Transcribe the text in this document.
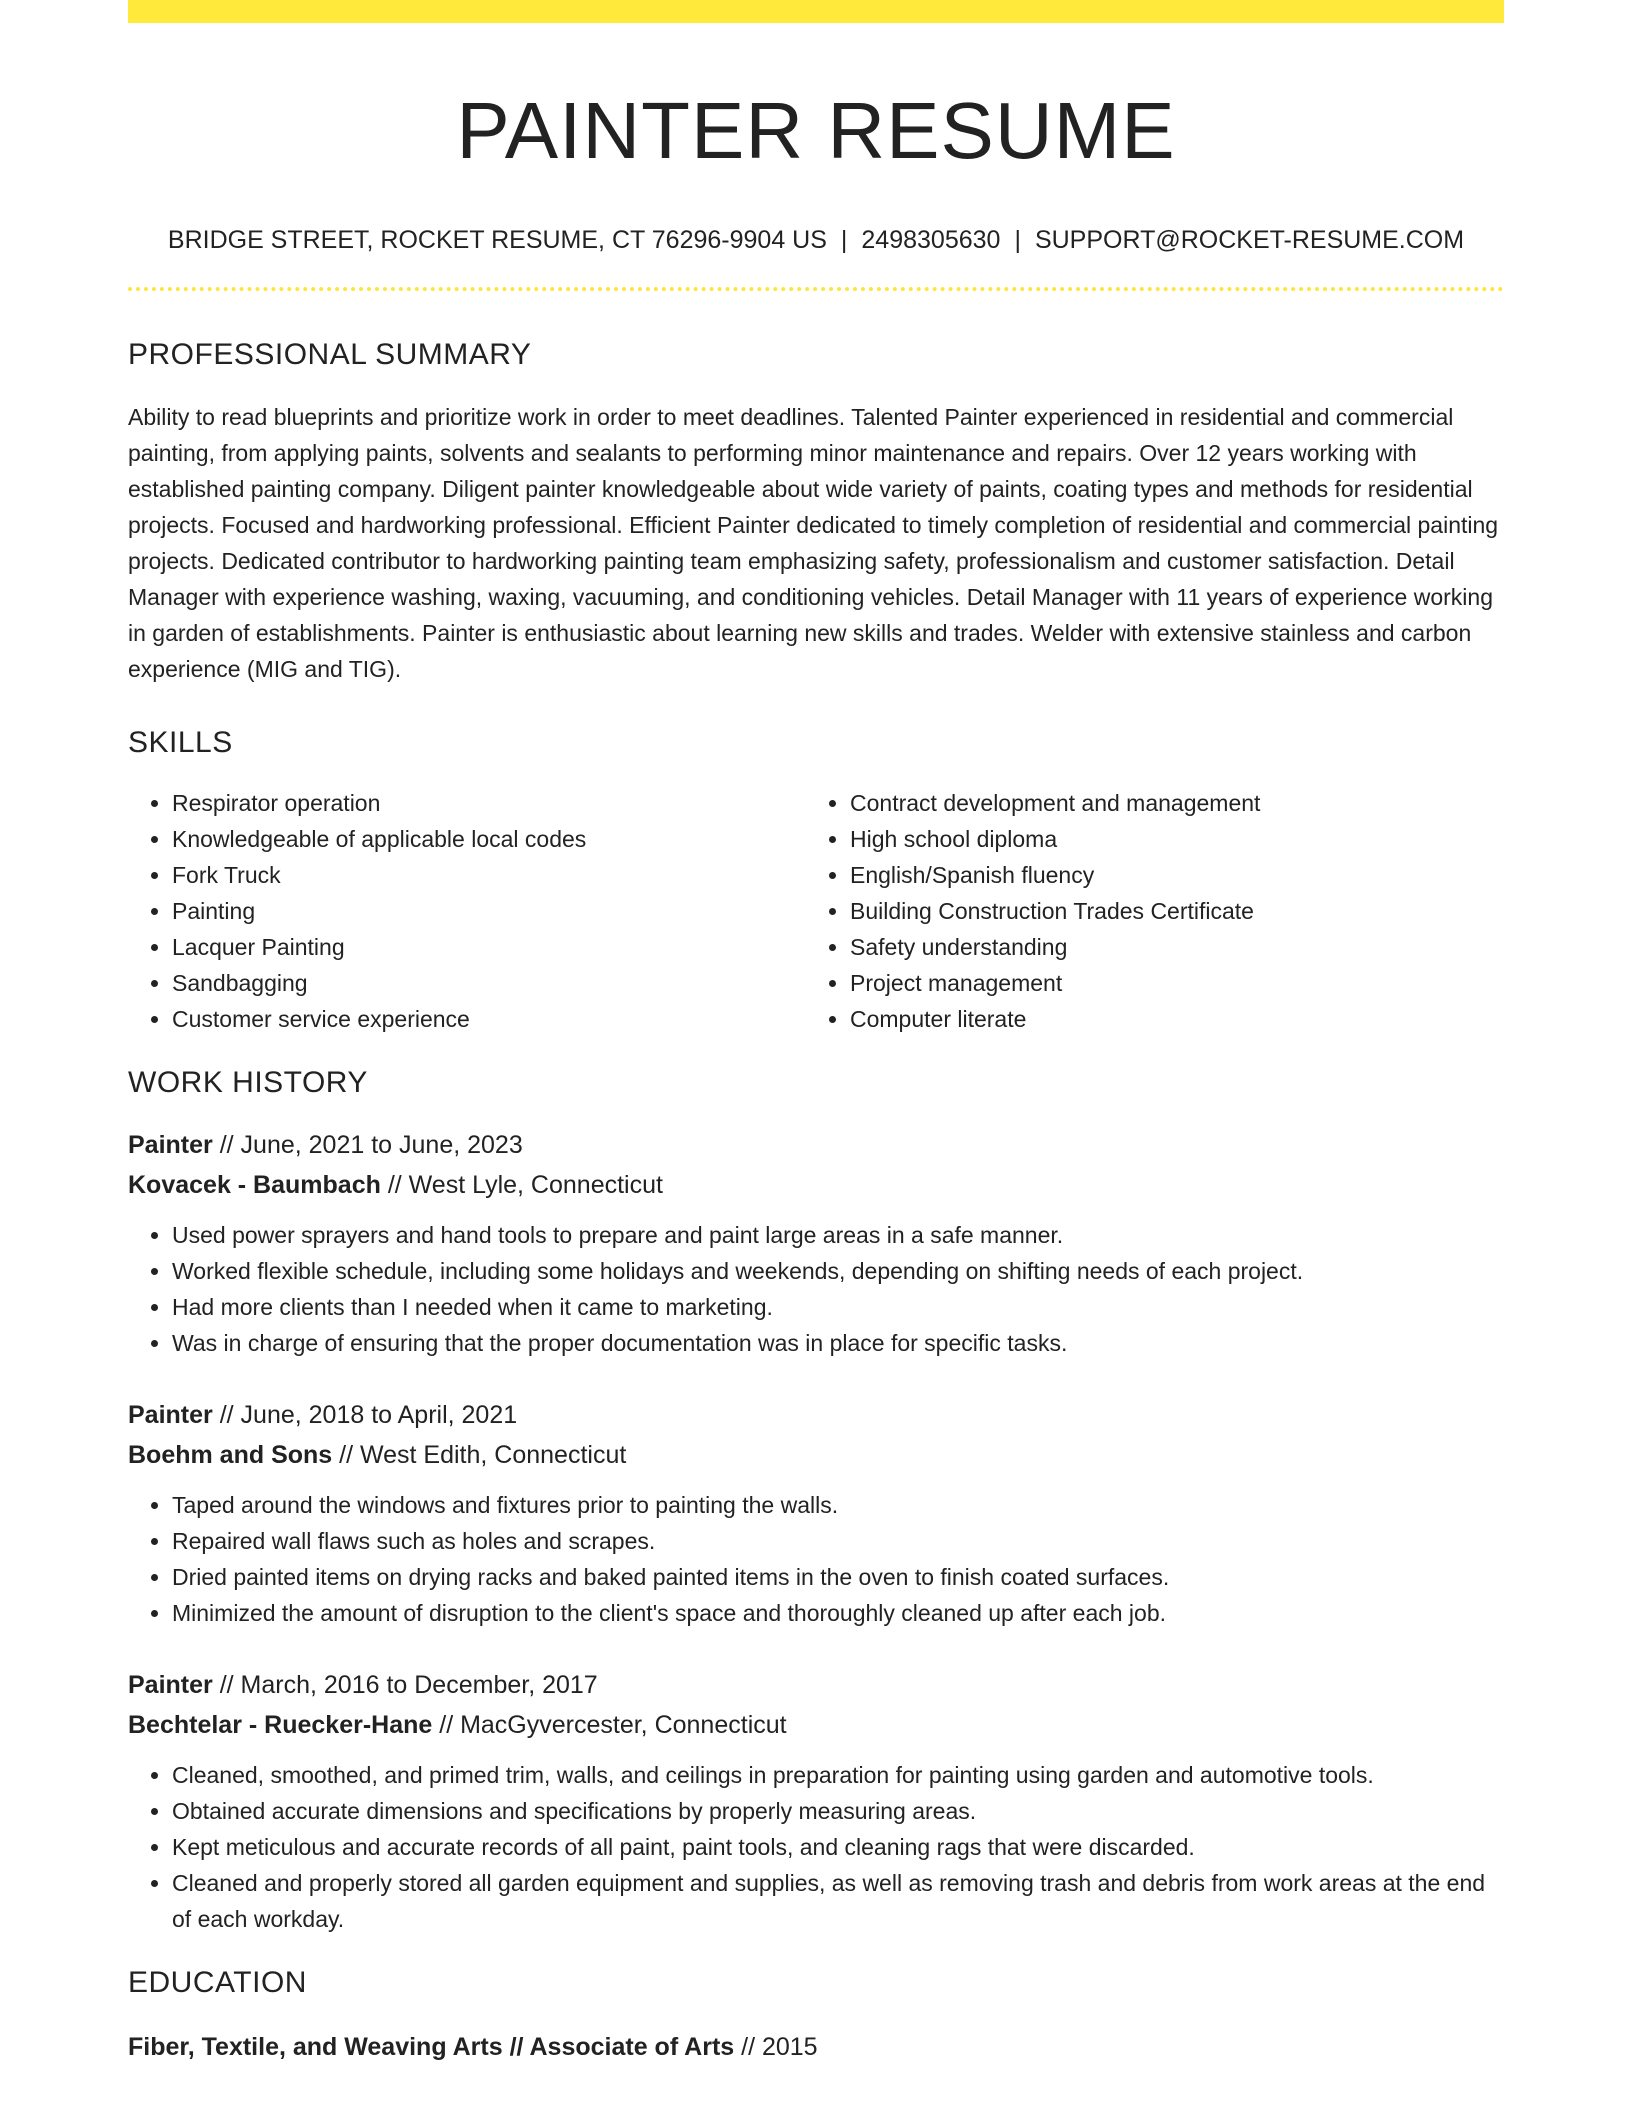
PAINTER RESUME
BRIDGE STREET, ROCKET RESUME, CT 76296-9904 US | 2498305630 | SUPPORT@ROCKET-RESUME.COM
PROFESSIONAL SUMMARY
Ability to read blueprints and prioritize work in order to meet deadlines. Talented Painter experienced in residential and commercial painting, from applying paints, solvents and sealants to performing minor maintenance and repairs. Over 12 years working with established painting company. Diligent painter knowledgeable about wide variety of paints, coating types and methods for residential projects. Focused and hardworking professional. Efficient Painter dedicated to timely completion of residential and commercial painting projects. Dedicated contributor to hardworking painting team emphasizing safety, professionalism and customer satisfaction. Detail Manager with experience washing, waxing, vacuuming, and conditioning vehicles. Detail Manager with 11 years of experience working in garden of establishments. Painter is enthusiastic about learning new skills and trades. Welder with extensive stainless and carbon experience (MIG and TIG).
SKILLS
• Respirator operation
• Knowledgeable of applicable local codes
• Fork Truck
• Painting
• Lacquer Painting
• Sandbagging
• Customer service experience
• Contract development and management
• High school diploma
• English/Spanish fluency
• Building Construction Trades Certificate
• Safety understanding
• Project management
• Computer literate
WORK HISTORY
Painter // June, 2021 to June, 2023
Kovacek - Baumbach // West Lyle, Connecticut
• Used power sprayers and hand tools to prepare and paint large areas in a safe manner.
• Worked flexible schedule, including some holidays and weekends, depending on shifting needs of each project.
• Had more clients than I needed when it came to marketing.
• Was in charge of ensuring that the proper documentation was in place for specific tasks.
Painter // June, 2018 to April, 2021
Boehm and Sons // West Edith, Connecticut
• Taped around the windows and fixtures prior to painting the walls.
• Repaired wall flaws such as holes and scrapes.
• Dried painted items on drying racks and baked painted items in the oven to finish coated surfaces.
• Minimized the amount of disruption to the client's space and thoroughly cleaned up after each job.
Painter // March, 2016 to December, 2017
Bechtelar - Ruecker-Hane // MacGyvercester, Connecticut
• Cleaned, smoothed, and primed trim, walls, and ceilings in preparation for painting using garden and automotive tools.
• Obtained accurate dimensions and specifications by properly measuring areas.
• Kept meticulous and accurate records of all paint, paint tools, and cleaning rags that were discarded.
• Cleaned and properly stored all garden equipment and supplies, as well as removing trash and debris from work areas at the end of each workday.
EDUCATION
Fiber, Textile, and Weaving Arts // Associate of Arts // 2015
